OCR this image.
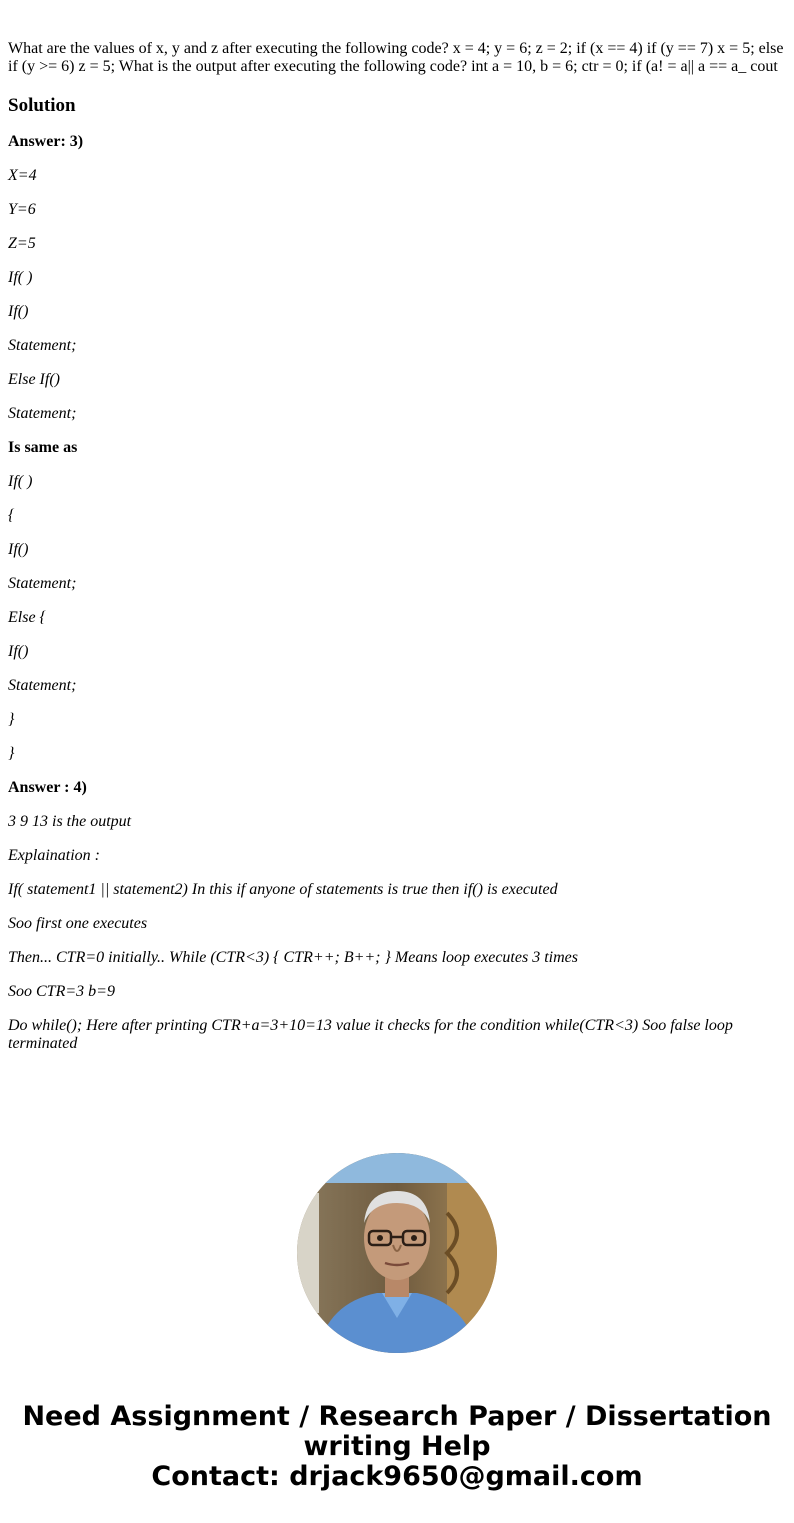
What are the values of x, y and z after executing the following code? x = 4; y = 6; z = 2; if (x == 4) if (y == 7) x = 5; else if (y >= 6) z = 5; What is the output after executing the following code? int a = 10, b = 6; ctr = 0; if (a! = a|| a == a_ cout

Solution

Answer: 3)

X=4

Y=6

Z=5

If( )

If()

Statement;

Else If()

Statement;

Is same as

If( )

{

If()

Statement;

Else {

If()

Statement;

}

}

Answer : 4)

3 9 13 is the output

Explaination :

If( statement1 || statement2) In this if anyone of statements is true then if() is executed

Soo first one executes

Then... CTR=0 initially.. While (CTR<3) { CTR++; B++; } Means loop executes 3 times

Soo CTR=3 b=9

Do while(); Here after printing CTR+a=3+10=13 value it checks for the condition while(CTR<3) Soo false loop terminated

Need Assignment / Research Paper / Dissertation
writing Help
Contact: drjack9650@gmail.com
